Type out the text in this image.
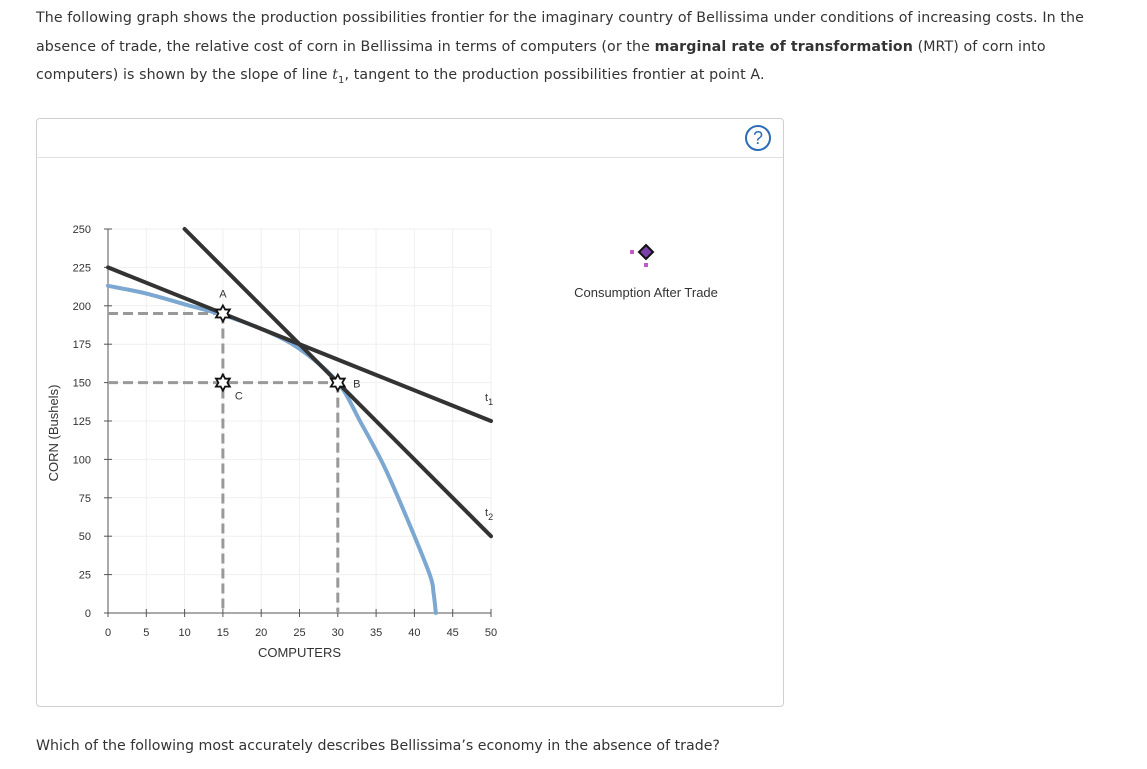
The following graph shows the production possibilities frontier for the imaginary country of Bellissima under conditions of increasing costs. In the absence of trade, the relative cost of corn in Bellissima in terms of computers (or the marginal rate of transformation (MRT) of corn into computers) is shown by the slope of line $t_1$, tangent to the production possibilities frontier at point A.
?
0	5	10 15 20 25 30 35 40 45 50
0
25
50
75
100
125
150
175
200
225
250
COMPUTERS
CORN (Bushels)	$t_1$
$t_2$
A
C
B
Consumption After Trade
Which of the following most accurately describes Bellissima’s economy in the absence of trade?
